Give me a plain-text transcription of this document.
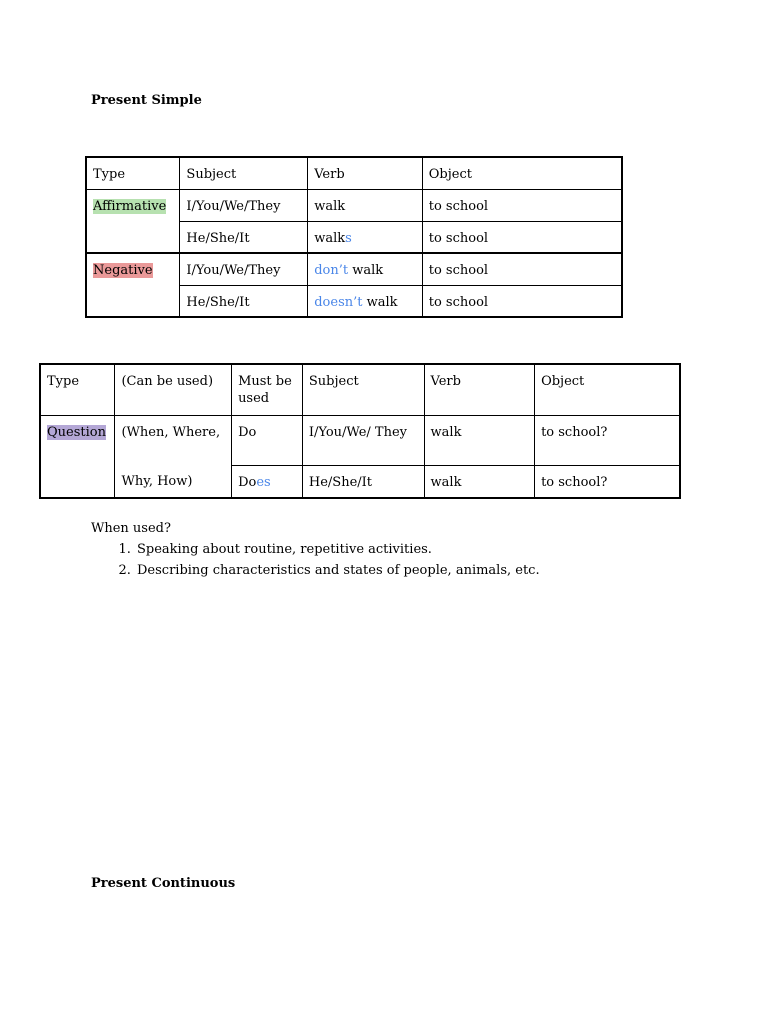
Present Simple
Type	Subject	Verb	Object
Affirmative	I/You/We/They	walk	to school
	He/She/It	walks	to school
Negative	I/You/We/They	don’t walk	to school
	He/She/It	doesn’t walk	to school
Type	(Can be used)	Must be used	Subject	Verb	Object
Question	(When, Where,	Do	I/You/We/ They	walk	to school?
	Why, How)	Does	He/She/It	walk	to school?
When used?
1. Speaking about routine, repetitive activities.
2. Describing characteristics and states of people, animals, etc.
Present Continuous
